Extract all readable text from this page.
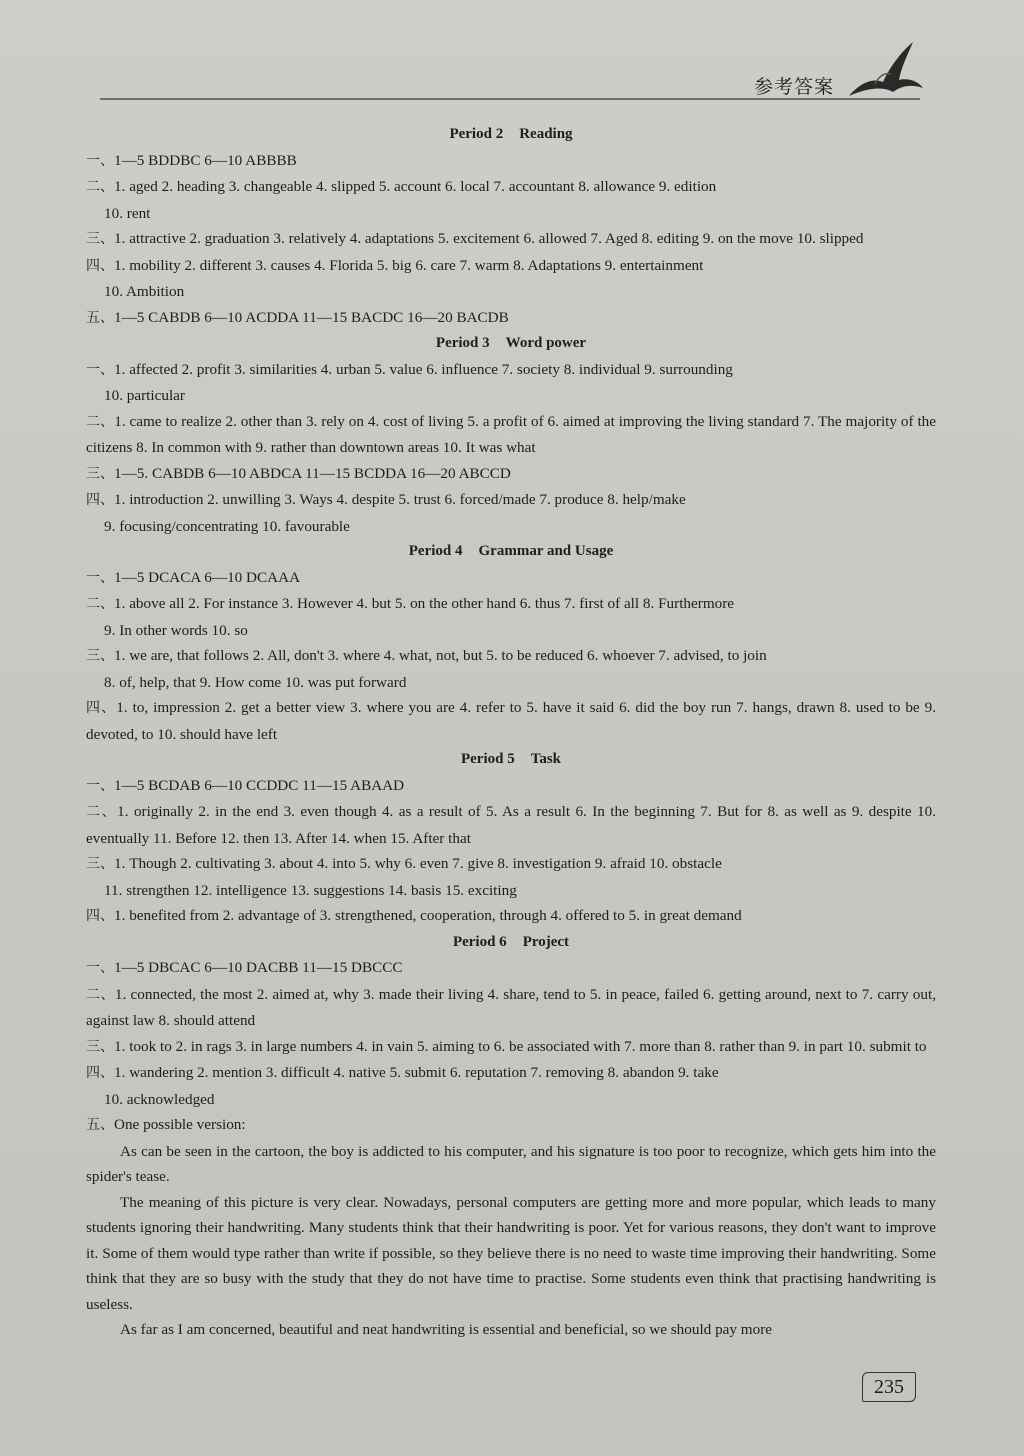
参考答案
Period 2 Reading
一、1—5 BDDBC 6—10 ABBBB
二、1. aged 2. heading 3. changeable 4. slipped 5. account 6. local 7. accountant 8. allowance 9. edition
10. rent
三、1. attractive 2. graduation 3. relatively 4. adaptations 5. excitement 6. allowed 7. Aged 8. editing 9. on the move 10. slipped
四、1. mobility 2. different 3. causes 4. Florida 5. big 6. care 7. warm 8. Adaptations 9. entertainment
10. Ambition
五、1—5 CABDB 6—10 ACDDA 11—15 BACDC 16—20 BACDB
Period 3 Word power
一、1. affected 2. profit 3. similarities 4. urban 5. value 6. influence 7. society 8. individual 9. surrounding
10. particular
二、1. came to realize 2. other than 3. rely on 4. cost of living 5. a profit of 6. aimed at improving the living standard 7. The majority of the citizens 8. In common with 9. rather than downtown areas 10. It was what
三、1—5. CABDB 6—10 ABDCA 11—15 BCDDA 16—20 ABCCD
四、1. introduction 2. unwilling 3. Ways 4. despite 5. trust 6. forced/made 7. produce 8. help/make
9. focusing/concentrating 10. favourable
Period 4 Grammar and Usage
一、1—5 DCACA 6—10 DCAAA
二、1. above all 2. For instance 3. However 4. but 5. on the other hand 6. thus 7. first of all 8. Furthermore
9. In other words 10. so
三、1. we are, that follows 2. All, don't 3. where 4. what, not, but 5. to be reduced 6. whoever 7. advised, to join
8. of, help, that 9. How come 10. was put forward
四、1. to, impression 2. get a better view 3. where you are 4. refer to 5. have it said 6. did the boy run 7. hangs, drawn 8. used to be 9. devoted, to 10. should have left
Period 5 Task
一、1—5 BCDAB 6—10 CCDDC 11—15 ABAAD
二、1. originally 2. in the end 3. even though 4. as a result of 5. As a result 6. In the beginning 7. But for 8. as well as 9. despite 10. eventually 11. Before 12. then 13. After 14. when 15. After that
三、1. Though 2. cultivating 3. about 4. into 5. why 6. even 7. give 8. investigation 9. afraid 10. obstacle
11. strengthen 12. intelligence 13. suggestions 14. basis 15. exciting
四、1. benefited from 2. advantage of 3. strengthened, cooperation, through 4. offered to 5. in great demand
Period 6 Project
一、1—5 DBCAC 6—10 DACBB 11—15 DBCCC
二、1. connected, the most 2. aimed at, why 3. made their living 4. share, tend to 5. in peace, failed 6. getting around, next to 7. carry out, against law 8. should attend
三、1. took to 2. in rags 3. in large numbers 4. in vain 5. aiming to 6. be associated with 7. more than 8. rather than 9. in part 10. submit to
四、1. wandering 2. mention 3. difficult 4. native 5. submit 6. reputation 7. removing 8. abandon 9. take
10. acknowledged

五、One possible version:

As can be seen in the cartoon, the boy is addicted to his computer, and his signature is too poor to recognize, which gets him into the spider's tease.

The meaning of this picture is very clear. Nowadays, personal computers are getting more and more popular, which leads to many students ignoring their handwriting. Many students think that their handwriting is poor. Yet for various reasons, they don't want to improve it. Some of them would type rather than write if possible, so they believe there is no need to waste time improving their handwriting. Some think that they are so busy with the study that they do not have time to practise. Some students even think that practising handwriting is useless.

As far as I am concerned, beautiful and neat handwriting is essential and beneficial, so we should pay more

235
